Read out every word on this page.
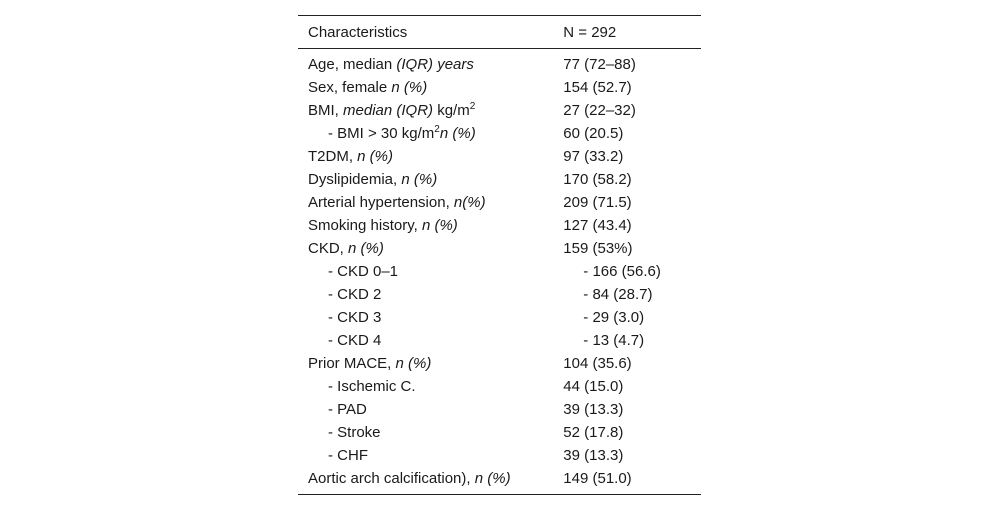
Characteristics	N = 292
Age, median (IQR) years	77 (72–88)
Sex, female n (%)	154 (52.7)
BMI, median (IQR) $kg/m^2$	27 (22–32)
- BMI > 30 $kg/m^2n$ (%)	60 (20.5)
T2DM, n (%)	97 (33.2)
Dyslipidemia, n (%)	170 (58.2)
Arterial hypertension, n(%)	209 (71.5)
Smoking history, n (%)	127 (43.4)
CKD, n (%)	159 (53%)
- CKD 0–1	- 166 (56.6)
- CKD 2	- 84 (28.7)
- CKD 3	- 29 (3.0)
- CKD 4	- 13 (4.7)
Prior MACE, n (%)	104 (35.6)
- Ischemic C.	44 (15.0)
- PAD	39 (13.3)
- Stroke	52 (17.8)
- CHF	39 (13.3)
Aortic arch calcification), n (%)	149 (51.0)
